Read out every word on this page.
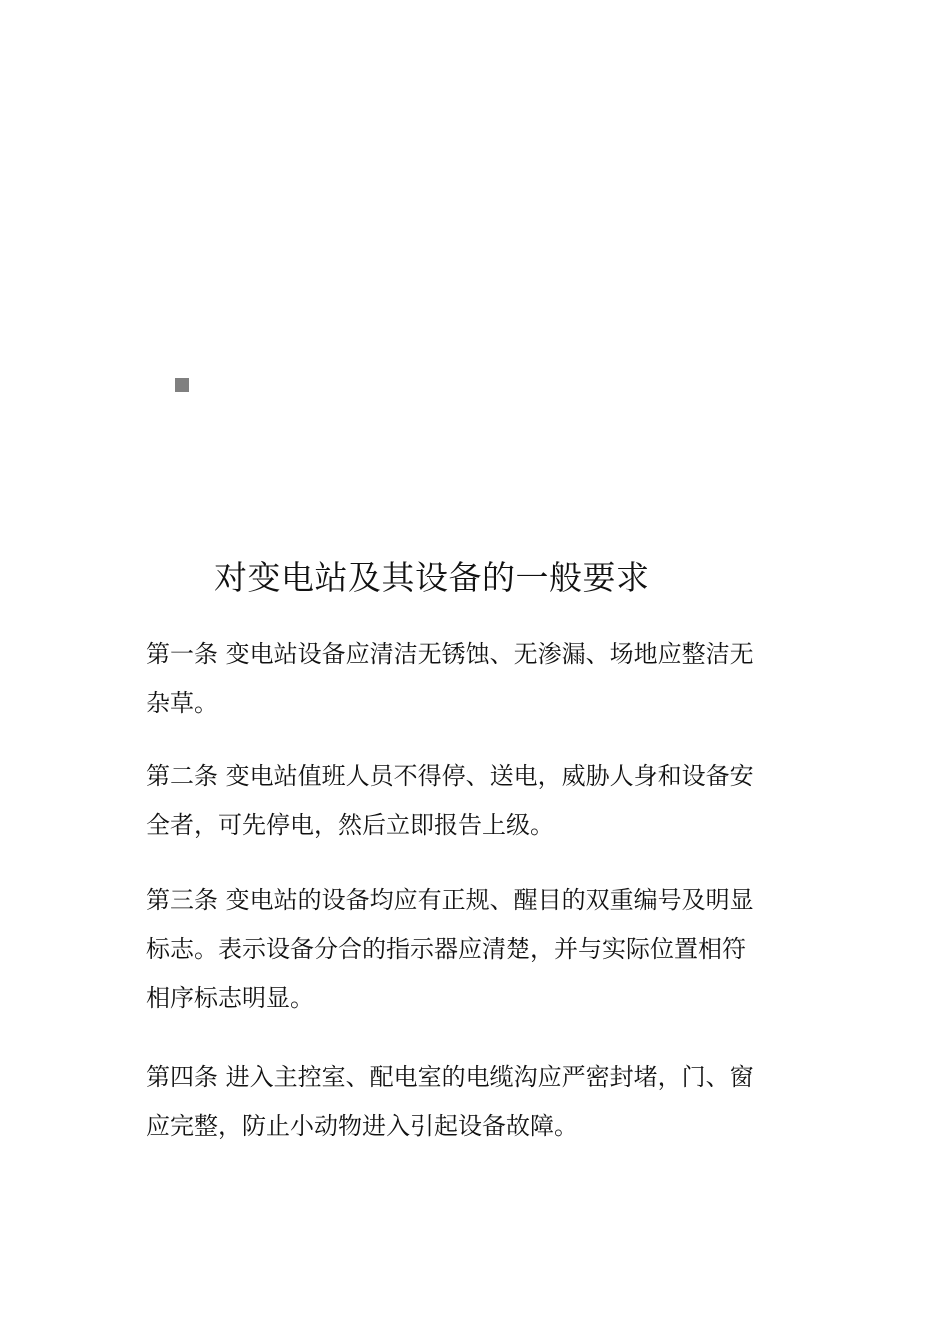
对变电站及其设备的一般要求

第一条 变电站设备应清洁无锈蚀、无渗漏、场地应整洁无
杂草。

第二条 变电站值班人员不得停、送电，威胁人身和设备安
全者，可先停电，然后立即报告上级。

第三条 变电站的设备均应有正规、醒目的双重编号及明显
标志。表示设备分合的指示器应清楚，并与实际位置相符
相序标志明显。

第四条 进入主控室、配电室的电缆沟应严密封堵，门、窗
应完整，防止小动物进入引起设备故障。
